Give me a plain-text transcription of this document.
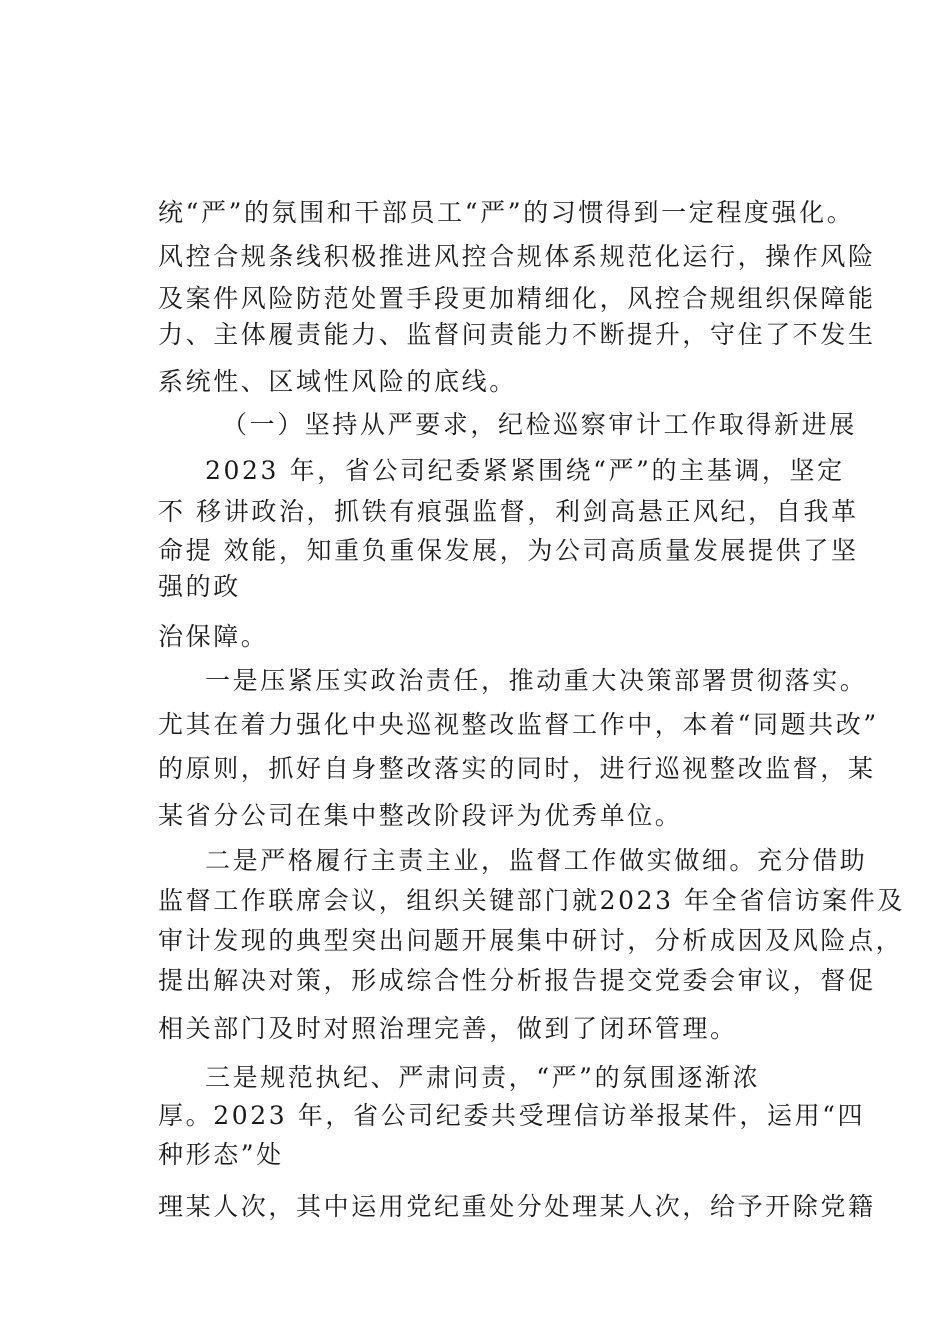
统“严”的氛围和干部员工“严”的习惯得到一定程度强化。
风控合规条线积极推进风控合规体系规范化运行，操作风险
及案件风险防范处置手段更加精细化，风控合规组织保障能
力、主体履责能力、监督问责能力不断提升，守住了不发生
系统性、区域性风险的底线。
（一）坚持从严要求，纪检巡察审计工作取得新进展
2023 年，省公司纪委紧紧围绕“严”的主基调，坚定
不 移讲政治，抓铁有痕强监督，利剑高悬正风纪，自我革
命提 效能，知重负重保发展，为公司高质量发展提供了坚
强的政
治保障。
一是压紧压实政治责任，推动重大决策部署贯彻落实。
尤其在着力强化中央巡视整改监督工作中，本着“同题共改”
的原则，抓好自身整改落实的同时，进行巡视整改监督，某
某省分公司在集中整改阶段评为优秀单位。
二是严格履行主责主业，监督工作做实做细。充分借助
监督工作联席会议，组织关键部门就2023 年全省信访案件及
审计发现的典型突出问题开展集中研讨，分析成因及风险点，
提出解决对策，形成综合性分析报告提交党委会审议，督促
相关部门及时对照治理完善，做到了闭环管理。
三是规范执纪、严肃问责，“严”的氛围逐渐浓
厚。2023 年，省公司纪委共受理信访举报某件，运用“四
种形态”处
理某人次，其中运用党纪重处分处理某人次，给予开除党籍
